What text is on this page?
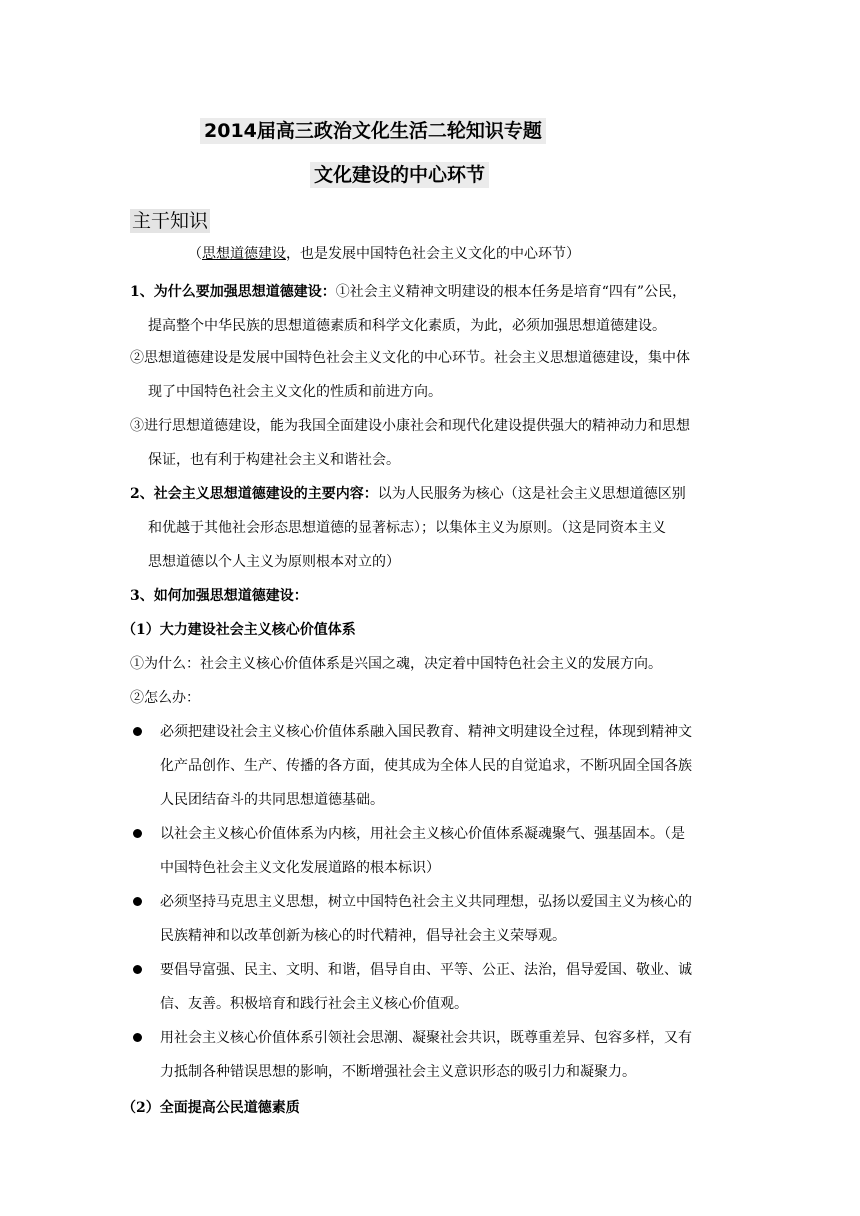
2014届高三政治文化生活二轮知识专题
文化建设的中心环节
主干知识
（思想道德建设，也是发展中国特色社会主义文化的中心环节）
1、为什么要加强思想道德建设：①社会主义精神文明建设的根本任务是培育“四有”公民，
提高整个中华民族的思想道德素质和科学文化素质，为此，必须加强思想道德建设。
②思想道德建设是发展中国特色社会主义文化的中心环节。社会主义思想道德建设，集中体
现了中国特色社会主义文化的性质和前进方向。
③进行思想道德建设，能为我国全面建设小康社会和现代化建设提供强大的精神动力和思想
保证，也有利于构建社会主义和谐社会。
2、社会主义思想道德建设的主要内容：以为人民服务为核心（这是社会主义思想道德区别
和优越于其他社会形态思想道德的显著标志）；以集体主义为原则。（这是同资本主义
思想道德以个人主义为原则根本对立的）
3、如何加强思想道德建设：
（1）大力建设社会主义核心价值体系
①为什么：社会主义核心价值体系是兴国之魂，决定着中国特色社会主义的发展方向。
②怎么办：
必须把建设社会主义核心价值体系融入国民教育、精神文明建设全过程，体现到精神文
化产品创作、生产、传播的各方面，使其成为全体人民的自觉追求，不断巩固全国各族
人民团结奋斗的共同思想道德基础。
以社会主义核心价值体系为内核，用社会主义核心价值体系凝魂聚气、强基固本。（是
中国特色社会主义文化发展道路的根本标识）
必须坚持马克思主义思想，树立中国特色社会主义共同理想，弘扬以爱国主义为核心的
民族精神和以改革创新为核心的时代精神，倡导社会主义荣辱观。
要倡导富强、民主、文明、和谐，倡导自由、平等、公正、法治，倡导爱国、敬业、诚
信、友善。积极培育和践行社会主义核心价值观。
用社会主义核心价值体系引领社会思潮、凝聚社会共识，既尊重差异、包容多样，又有
力抵制各种错误思想的影响，不断增强社会主义意识形态的吸引力和凝聚力。
（2）全面提高公民道德素质
